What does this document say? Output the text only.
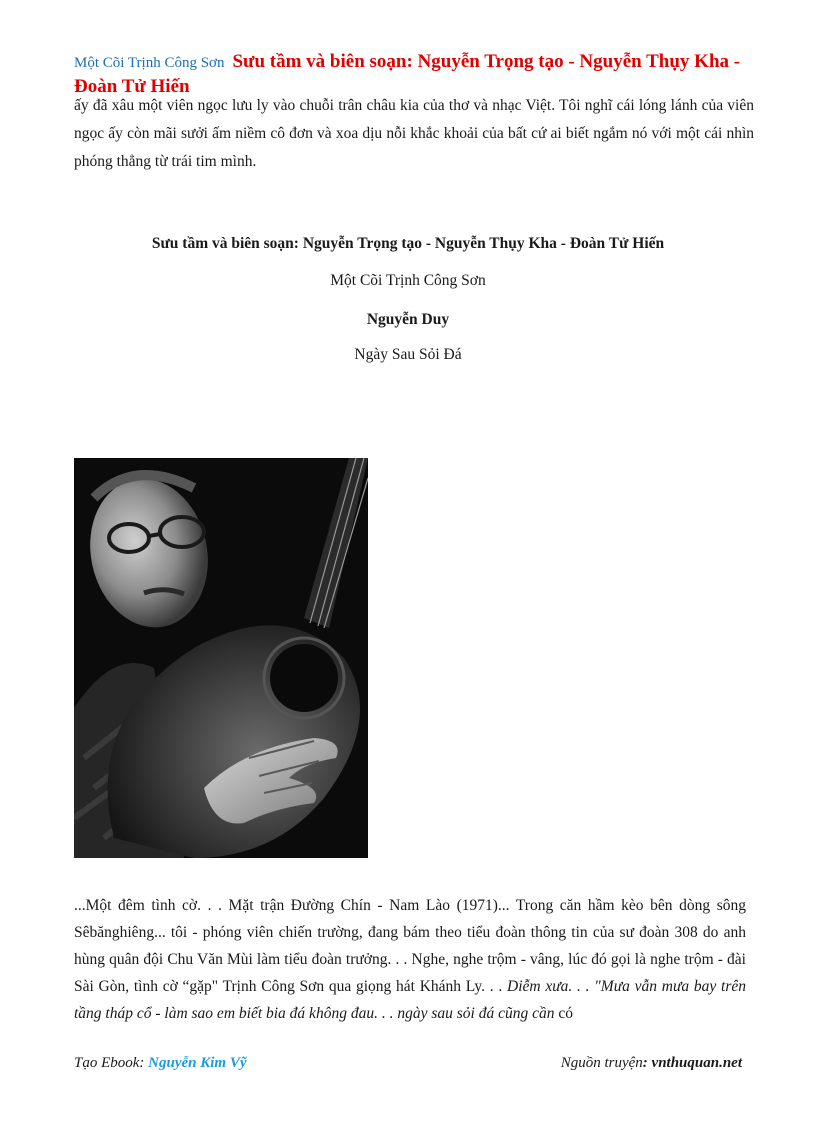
Một Cõi Trịnh Công Sơn Sưu tầm và biên soạn: Nguyễn Trọng tạo - Nguyễn Thụy Kha - Đoàn Tử Hiến

ấy đã xâu một viên ngọc lưu ly vào chuỗi trân châu kia của thơ và nhạc Việt. Tôi nghĩ cái lóng lánh của viên ngọc ấy còn mãi sưởi ấm niềm cô đơn và xoa dịu nỗi khắc khoải của bất cứ ai biết ngắm nó với một cái nhìn phóng thẳng từ trái tim mình.

Sưu tầm và biên soạn: Nguyễn Trọng tạo - Nguyễn Thụy Kha - Đoàn Tử Hiến
Một Cõi Trịnh Công Sơn
Nguyễn Duy
Ngày Sau Sỏi Đá

...Một đêm tình cờ. . . Mặt trận Đường Chín - Nam Lào (1971)... Trong căn hầm kèo bên dòng sông Sêbănghiêng... tôi - phóng viên chiến trường, đang bám theo tiểu đoàn thông tin của sư đoàn 308 do anh hùng quân đội Chu Văn Mùi làm tiểu đoàn trưởng. . . Nghe, nghe trộm - vâng, lúc đó gọi là nghe trộm - đài Sài Gòn, tình cờ “gặp" Trịnh Công Sơn qua giọng hát Khánh Ly. . . Diễm xưa. . . "Mưa vẫn mưa bay trên tầng tháp cổ - làm sao em biết bia đá không đau. . . ngày sau sỏi đá cũng cần có

Tạo Ebook: Nguyễn Kim Vỹ	Nguồn truyện: vnthuquan.net
